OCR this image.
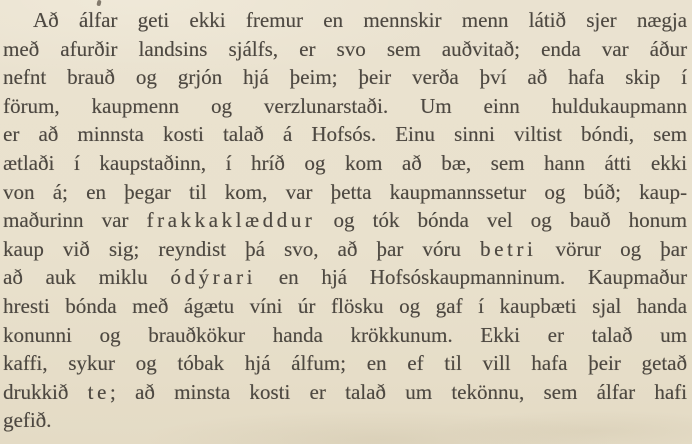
Að álfar geti ekki fremur en mennskir menn látið sjer nægja
með afurðir landsins sjálfs, er svo sem auðvitað; enda var áður
nefnt brauð og grjón hjá þeim; þeir verða því að hafa skip í
förum, kaupmenn og verzlunarstaði. Um einn huldukaupmann
er að minnsta kosti talað á Hofsós. Einu sinni viltist bóndi, sem
ætlaði í kaupstaðinn, í hríð og kom að bæ, sem hann átti ekki
von á; en þegar til kom, var þetta kaupmannssetur og búð; kaup-
maðurinn var frakkaklæddur og tók bónda vel og bauð honum
kaup við sig; reyndist þá svo, að þar vóru betri vörur og þar
að auk miklu ódýrari en hjá Hofsóskaupmanninum. Kaupmaður
hresti bónda með ágætu víni úr flösku og gaf í kaupbæti sjal handa
konunni og brauðkökur handa krökkunum. Ekki er talað um
kaffi, sykur og tóbak hjá álfum; en ef til vill hafa þeir getað
drukkið te; að minsta kosti er talað um tekönnu, sem álfar hafi
gefið.
